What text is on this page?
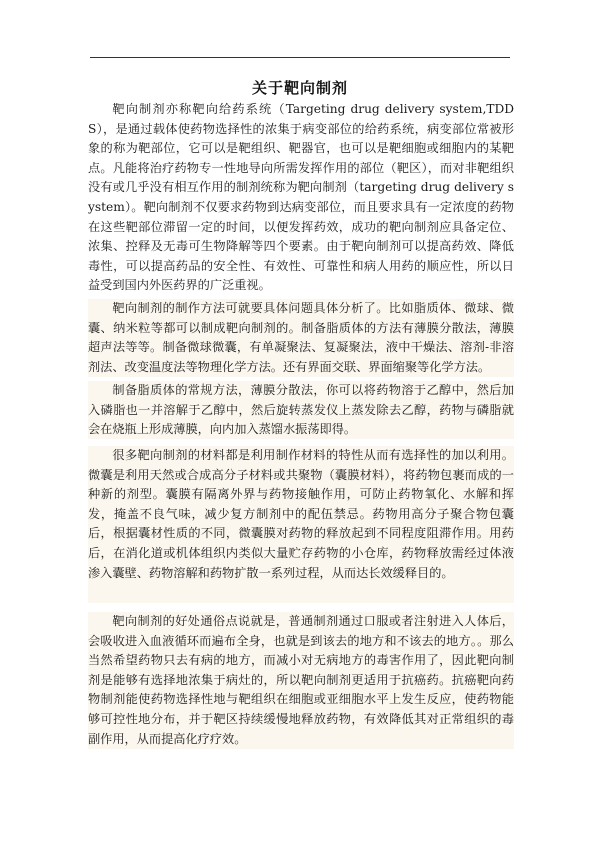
关于靶向制剂

靶向制剂亦称靶向给药系统（Targeting drug delivery system,TDDS），是通过载体使药物选择性的浓集于病变部位的给药系统，病变部位常被形象的称为靶部位，它可以是靶组织、靶器官，也可以是靶细胞或细胞内的某靶点。凡能将治疗药物专一性地导向所需发挥作用的部位（靶区），而对非靶组织没有或几乎没有相互作用的制剂统称为靶向制剂（targeting drug delivery system）。靶向制剂不仅要求药物到达病变部位，而且要求具有一定浓度的药物在这些靶部位滞留一定的时间，以便发挥药效，成功的靶向制剂应具备定位、浓集、控释及无毒可生物降解等四个要素。由于靶向制剂可以提高药效、降低毒性，可以提高药品的安全性、有效性、可靠性和病人用药的顺应性，所以日益受到国内外医药界的广泛重视。

靶向制剂的制作方法可就要具体问题具体分析了。比如脂质体、微球、微囊、纳米粒等都可以制成靶向制剂的。制备脂质体的方法有薄膜分散法，薄膜超声法等等。制备微球微囊，有单凝聚法、复凝聚法，液中干燥法、溶剂-非溶剂法、改变温度法等物理化学方法。还有界面交联、界面缩聚等化学方法。

制备脂质体的常规方法，薄膜分散法，你可以将药物溶于乙醇中，然后加入磷脂也一并溶解于乙醇中，然后旋转蒸发仪上蒸发除去乙醇，药物与磷脂就会在烧瓶上形成薄膜，向内加入蒸馏水振荡即得。

很多靶向制剂的材料都是利用制作材料的特性从而有选择性的加以利用。微囊是利用天然或合成高分子材料或共聚物（囊膜材料），将药物包裹而成的一种新的剂型。囊膜有隔离外界与药物接触作用，可防止药物氧化、水解和挥发，掩盖不良气味，减少复方制剂中的配伍禁忌。药物用高分子聚合物包囊后，根据囊材性质的不同，微囊膜对药物的释放起到不同程度阻滞作用。用药后，在消化道或机体组织内类似大量贮存药物的小仓库，药物释放需经过体液渗入囊壁、药物溶解和药物扩散一系列过程，从而达长效缓释目的。

靶向制剂的好处通俗点说就是，普通制剂通过口服或者注射进入人体后，会吸收进入血液循环而遍布全身，也就是到该去的地方和不该去的地方。。那么当然希望药物只去有病的地方，而减小对无病地方的毒害作用了，因此靶向制剂是能够有选择地浓集于病灶的，所以靶向制剂更适用于抗癌药。抗癌靶向药物制剂能使药物选择性地与靶组织在细胞或亚细胞水平上发生反应，使药物能够可控性地分布，并于靶区持续缓慢地释放药物，有效降低其对正常组织的毒副作用，从而提高化疗疗效。
